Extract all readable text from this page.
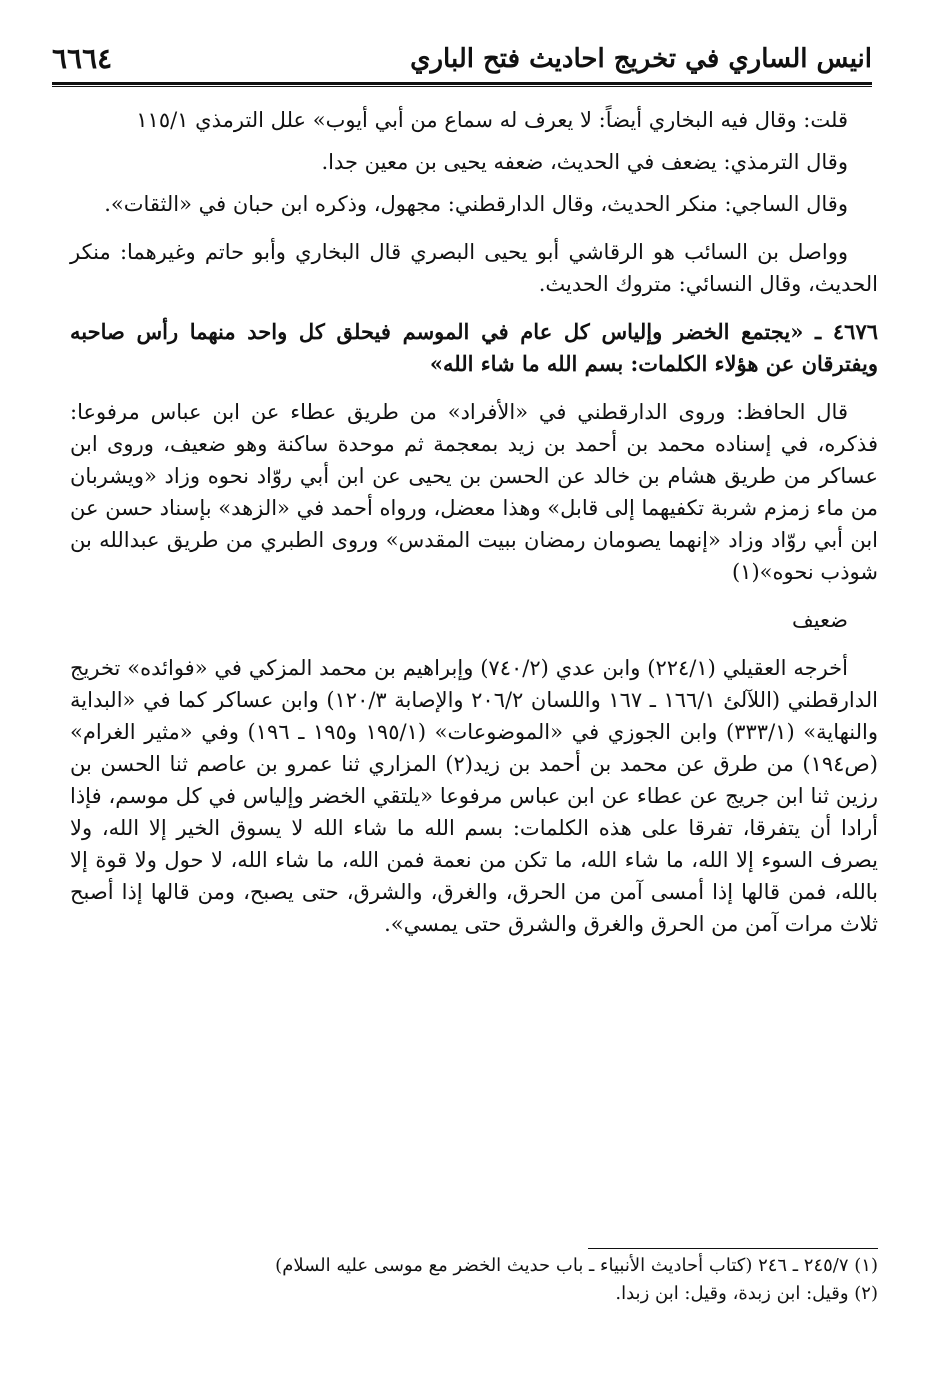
انيس الساري في تخريج احاديث فتح الباري
٦٦٦٤

قلت: وقال فيه البخاري أيضاً: لا يعرف له سماع من أبي أيوب» علل الترمذي ١١٥/١

وقال الترمذي: يضعف في الحديث، ضعفه يحيى بن معين جدا.

وقال الساجي: منكر الحديث، وقال الدارقطني: مجهول، وذكره ابن حبان في «الثقات».

وواصل بن السائب هو الرقاشي أبو يحيى البصري قال البخاري وأبو حاتم وغيرهما: منكر الحديث، وقال النسائي: متروك الحديث.

٤٦٧٦ ـ «يجتمع الخضر وإلياس كل عام في الموسم فيحلق كل واحد منهما رأس صاحبه ويفترقان عن هؤلاء الكلمات: بسم الله ما شاء الله»

قال الحافظ: وروى الدارقطني في «الأفراد» من طريق عطاء عن ابن عباس مرفوعا: فذكره، في إسناده محمد بن أحمد بن زيد بمعجمة ثم موحدة ساكنة وهو ضعيف، وروى ابن عساكر من طريق هشام بن خالد عن الحسن بن يحيى عن ابن أبي روّاد نحوه وزاد «ويشربان من ماء زمزم شربة تكفيهما إلى قابل» وهذا معضل، ورواه أحمد في «الزهد» بإسناد حسن عن ابن أبي روّاد وزاد «إنهما يصومان رمضان ببيت المقدس» وروى الطبري من طريق عبدالله بن شوذب نحوه»(١)

ضعيف

أخرجه العقيلي (٢٢٤/١) وابن عدي (٧٤٠/٢) وإبراهيم بن محمد المزكي في «فوائده» تخريج الدارقطني (اللآلئ ١٦٦/١ ـ ١٦٧ واللسان ٢٠٦/٢ والإصابة ١٢٠/٣) وابن عساكر كما في «البداية والنهاية» (٣٣٣/١) وابن الجوزي في «الموضوعات» (١٩٥/١ و١٩٥ ـ ١٩٦) وفي «مثير الغرام» (ص١٩٤) من طرق عن محمد بن أحمد بن زيد(٢) المزاري ثنا عمرو بن عاصم ثنا الحسن بن رزين ثنا ابن جريج عن عطاء عن ابن عباس مرفوعا «يلتقي الخضر وإلياس في كل موسم، فإذا أرادا أن يتفرقا، تفرقا على هذه الكلمات: بسم الله ما شاء الله لا يسوق الخير إلا الله، ولا يصرف السوء إلا الله، ما شاء الله، ما تكن من نعمة فمن الله، ما شاء الله، لا حول ولا قوة إلا بالله، فمن قالها إذا أمسى آمن من الحرق، والغرق، والشرق، حتى يصبح، ومن قالها إذا أصبح ثلاث مرات آمن من الحرق والغرق والشرق حتى يمسي».

(١) ٢٤٥/٧ ـ ٢٤٦ (كتاب أحاديث الأنبياء ـ باب حديث الخضر مع موسى عليه السلام)

(٢) وقيل: ابن زبدة، وقيل: ابن زبدا.
